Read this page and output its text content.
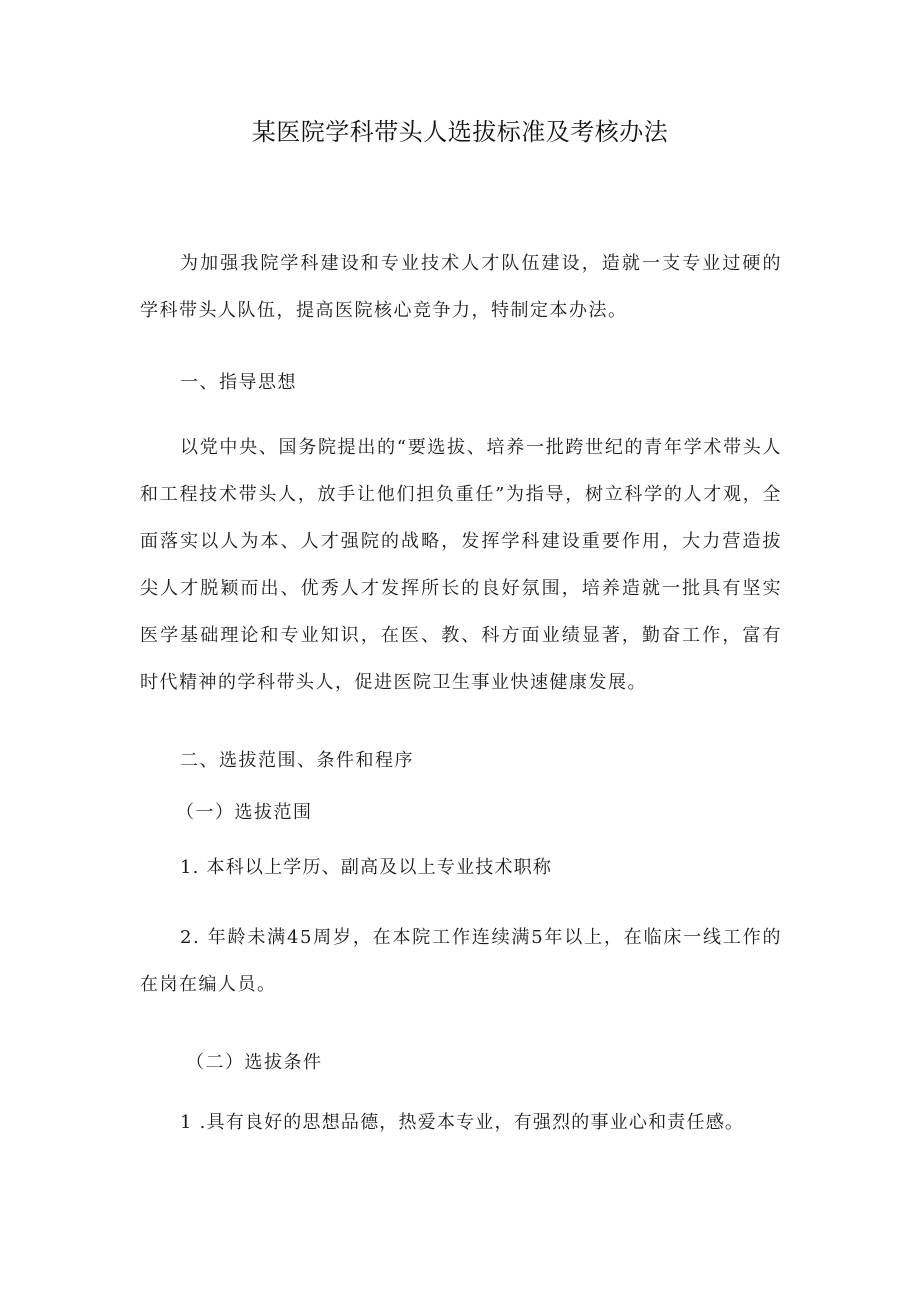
某医院学科带头人选拔标准及考核办法

为加强我院学科建设和专业技术人才队伍建设，造就一支专业过硬的学科带头人队伍，提高医院核心竞争力，特制定本办法。

一、指导思想

以党中央、国务院提出的“要选拔、培养一批跨世纪的青年学术带头人和工程技术带头人，放手让他们担负重任”为指导，树立科学的人才观，全面落实以人为本、人才强院的战略，发挥学科建设重要作用，大力营造拔尖人才脱颖而出、优秀人才发挥所长的良好氛围，培养造就一批具有坚实医学基础理论和专业知识，在医、教、科方面业绩显著，勤奋工作，富有时代精神的学科带头人，促进医院卫生事业快速健康发展。

二、选拔范围、条件和程序

（一）选拔范围

1. 本科以上学历、副高及以上专业技术职称

2. 年龄未满45周岁，在本院工作连续满5年以上，在临床一线工作的在岗在编人员。

（二）选拔条件

1 .具有良好的思想品德，热爱本专业，有强烈的事业心和责任感。
